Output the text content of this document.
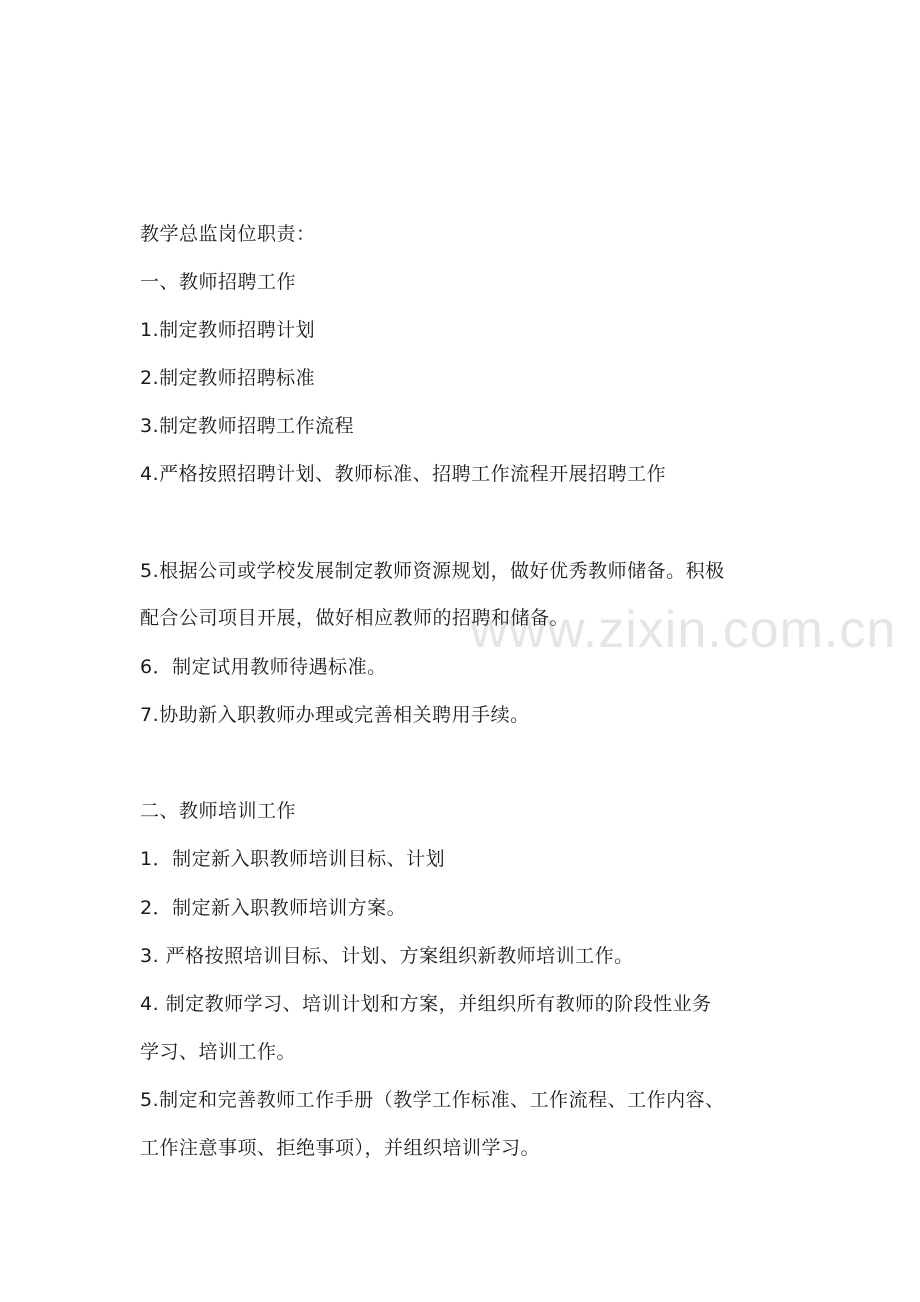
www.zixin.com.cn
教学总监岗位职责：
一、教师招聘工作
1.制定教师招聘计划
2.制定教师招聘标准
3.制定教师招聘工作流程
4.严格按照招聘计划、教师标准、招聘工作流程开展招聘工作
5.根据公司或学校发展制定教师资源规划，做好优秀教师储备。积极
配合公司项目开展，做好相应教师的招聘和储备。
6．制定试用教师待遇标准。
7.协助新入职教师办理或完善相关聘用手续。
二、教师培训工作
1．制定新入职教师培训目标、计划
2．制定新入职教师培训方案。
3. 严格按照培训目标、计划、方案组织新教师培训工作。
4. 制定教师学习、培训计划和方案，并组织所有教师的阶段性业务
学习、培训工作。
5.制定和完善教师工作手册（教学工作标准、工作流程、工作内容、
工作注意事项、拒绝事项），并组织培训学习。
